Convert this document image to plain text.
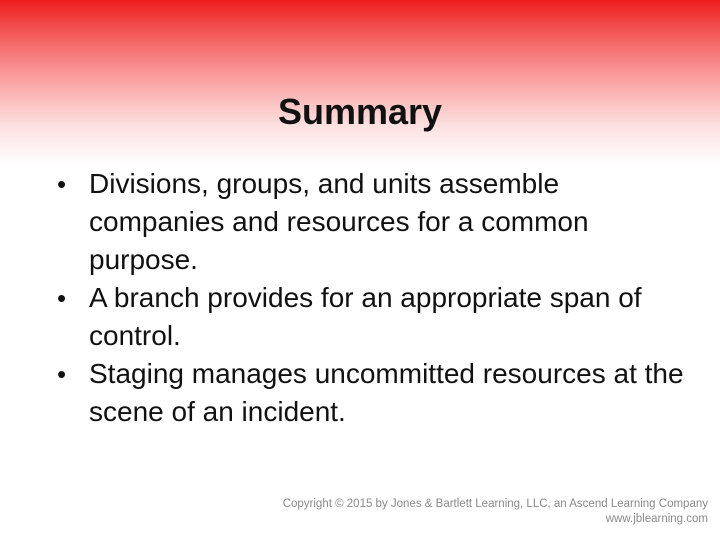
Summary
• Divisions, groups, and units assemble companies and resources for a common purpose.
• A branch provides for an appropriate span of control.
• Staging manages uncommitted resources at the scene of an incident.
Copyright © 2015 by Jones & Bartlett Learning, LLC, an Ascend Learning Company
www.jblearning.com
